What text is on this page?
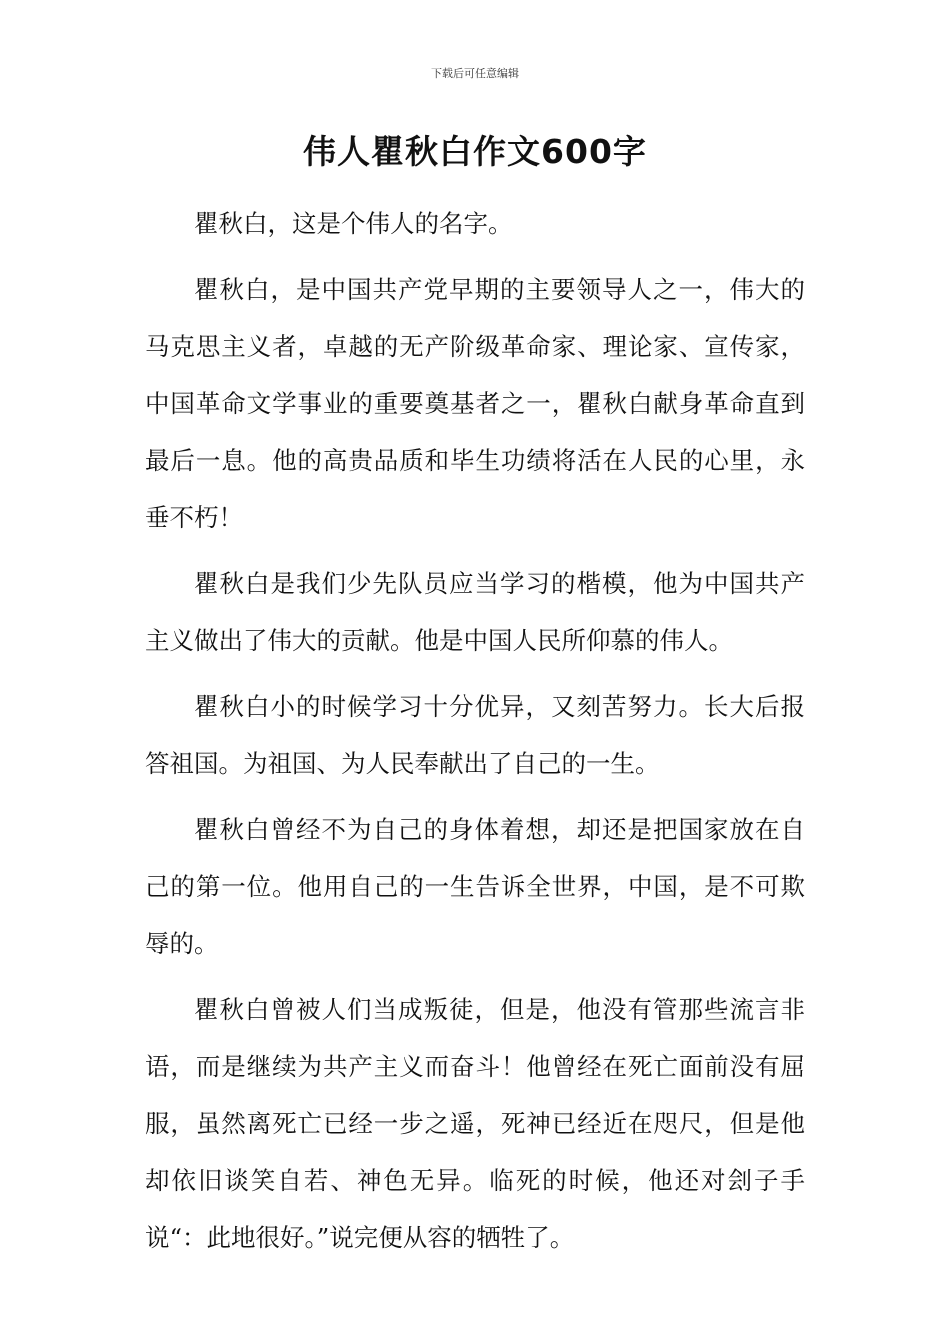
下载后可任意编辑
伟人瞿秋白作文600字

瞿秋白，这是个伟人的名字。

瞿秋白，是中国共产党早期的主要领导人之一，伟大的马克思主义者，卓越的无产阶级革命家、理论家、宣传家，中国革命文学事业的重要奠基者之一，瞿秋白献身革命直到最后一息。他的高贵品质和毕生功绩将活在人民的心里，永垂不朽！

瞿秋白是我们少先队员应当学习的楷模，他为中国共产主义做出了伟大的贡献。他是中国人民所仰慕的伟人。

瞿秋白小的时候学习十分优异，又刻苦努力。长大后报答祖国。为祖国、为人民奉献出了自己的一生。

瞿秋白曾经不为自己的身体着想，却还是把国家放在自己的第一位。他用自己的一生告诉全世界，中国，是不可欺辱的。

瞿秋白曾被人们当成叛徒，但是，他没有管那些流言非语，而是继续为共产主义而奋斗！他曾经在死亡面前没有屈服，虽然离死亡已经一步之遥，死神已经近在咫尺，但是他却依旧谈笑自若、神色无异。临死的时候，他还对刽子手说“：此地很好。”说完便从容的牺牲了。
